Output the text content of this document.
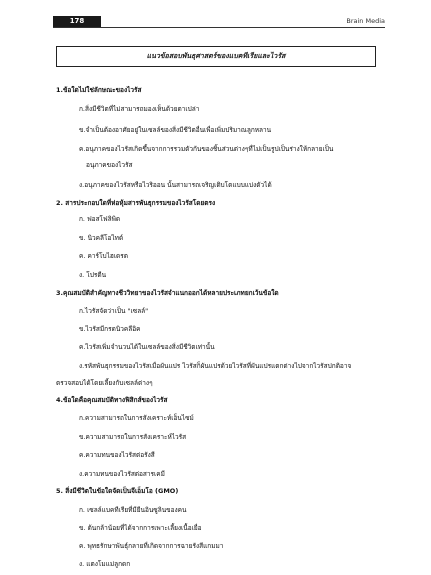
178	Brain Media
แนวข้อสอบพันธุศาสตร์ของแบคทีเรียและไวรัส
1.ข้อใดไม่ใช่ลักษณะของไวรัส
ก.สิ่งมีชีวิตที่ไม่สามารถมองเห็นด้วยตาเปล่า
ข.จำเป็นต้องอาศัยอยู่ในเซลล์ของสิ่งมีชีวิตอื่นเพื่อเพิ่มปริมาณลูกหลาน
ค.อนุภาคของไวรัสเกิดขึ้นจากการรวมตัวกันของชิ้นส่วนต่างๆที่ไม่เป็นรูปเป็นร่างให้กลายเป็น
อนุภาคของไวรัส
ง.อนุภาคของไวรัสหรือไวริออน นั้นสามารถเจริญเติบโตแบบแบ่งตัวได้
2. สารประกอบใดที่ห่อหุ้มสารพันธุกรรมของไวรัสโดยตรง
ก. ฟอสโฟลิพิด
ข. นิวคลีโอไทด์
ค. คาร์โบไฮเดรต
ง. โปรตีน
3.คุณสมบัติสำคัญทางชีววิทยาของไวรัสจำแนกออกได้หลายประเภทยกเว้นข้อใด
ก.ไวรัสจัดว่าเป็น "เซลล์"
ข.ไวรัสมีกรดนิวคลีอิค
ค.ไวรัสเพิ่มจำนวนได้ในเซลล์ของสิ่งมีชีวิตเท่านั้น
ง.รหัสพันธุกรรมของไวรัสเมื่อผันแปร ไวรัสก็ผันแปรด้วยไวรัสที่ผันแปรแตกต่างไปจากไวรัสปกติอาจ
ตรวจสอบได้โดยเลี้ยงกับเซลล์ต่างๆ
4.ข้อใดคือคุณสมบัติทางฟิสิกส์ของไวรัส
ก.ความสามารถในการสังเคราะห์เอ็นไซม์
ข.ความสามารถในการสังเคราะห์ไวรัส
ค.ความทนของไวรัสต่อรังสี
ง.ความทนของไวรัสต่อสารเคมี
5. สิ่งมีชีวิตในข้อใดจัดเป็นจีเอ็มโอ (GMO)
ก. เซลล์แบคทีเรียที่มียีนอินซูลินของคน
ข. ต้นกล้าน้อยที่ได้จากการเพาะเลี้ยงเนื้อเยื่อ
ค. พุทธรักษาพันธุ์กลายที่เกิดจากการฉายรังสีแกมมา
ง. แตงโมแม่ลูกดก
